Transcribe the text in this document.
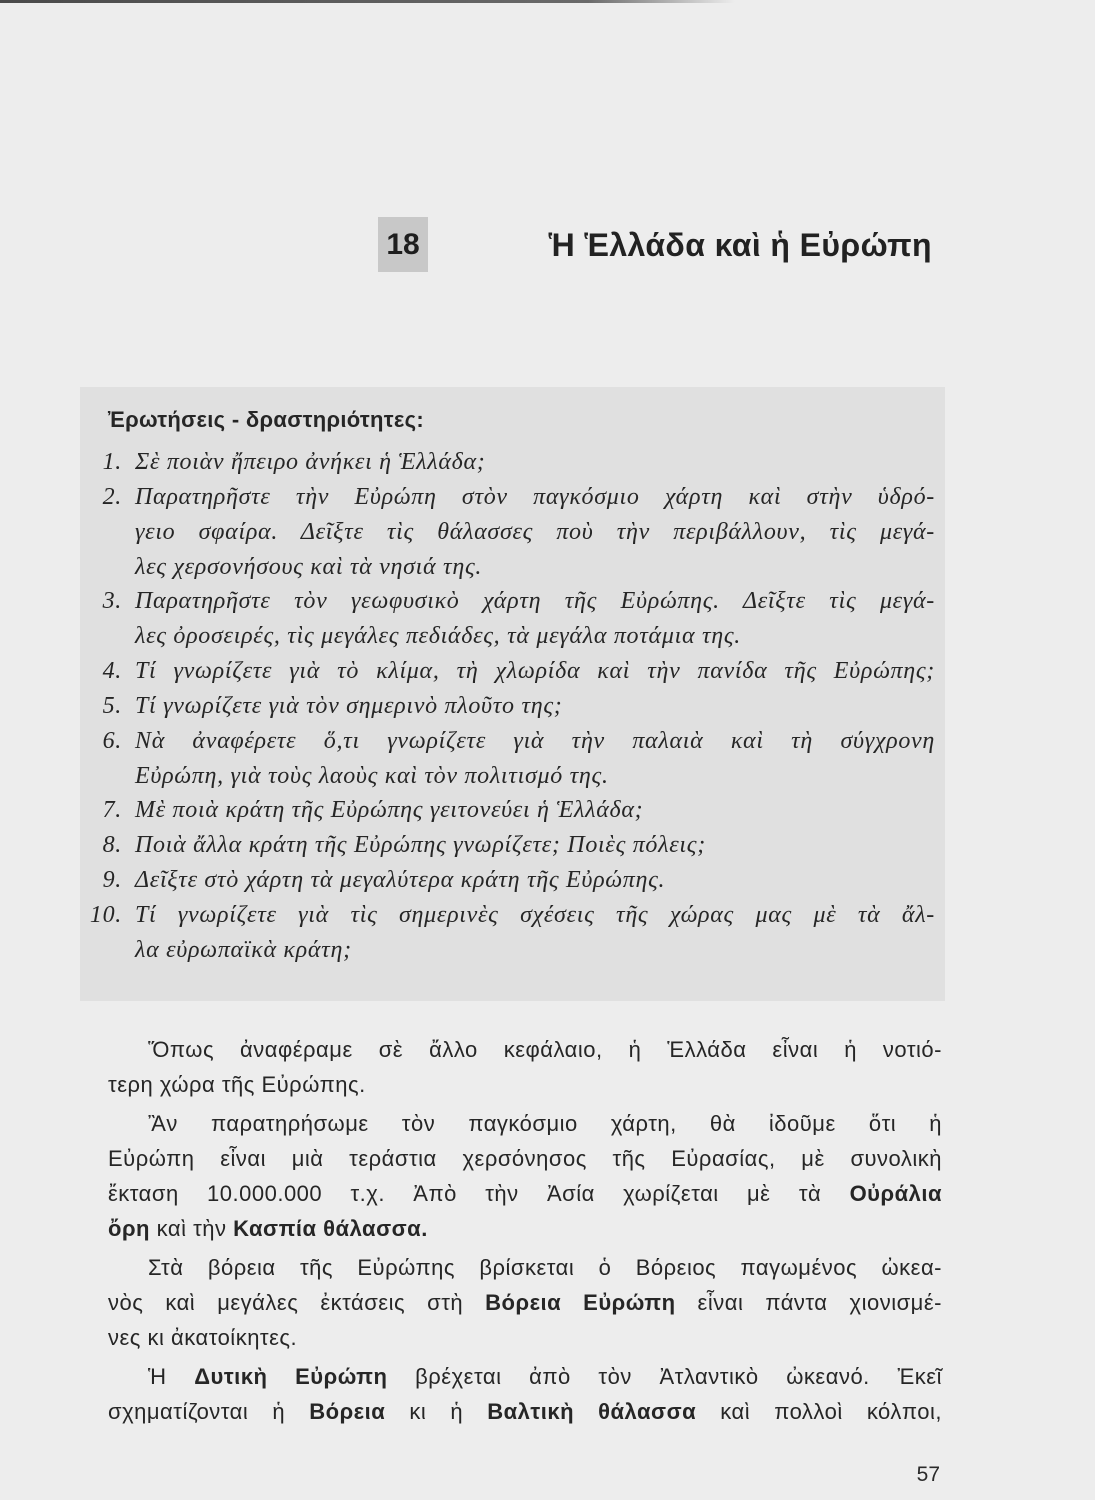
18	Ἡ Ἑλλάδα καὶ ἡ Εὐρώπη
Ἐρωτήσεις - δραστηριότητες:
1. Σὲ ποιὰν ἤπειρο ἀνήκει ἡ Ἑλλάδα;
2. Παρατηρῆστε τὴν Εὐρώπη στὸν παγκόσμιο χάρτη καὶ στὴν ὑδρό-
γειο σφαίρα. Δεῖξτε τὶς θάλασσες ποὺ τὴν περιβάλλουν, τὶς μεγά-
λες χερσονήσους καὶ τὰ νησιά της.
3. Παρατηρῆστε τὸν γεωφυσικὸ χάρτη τῆς Εὐρώπης. Δεῖξτε τὶς μεγά-
λες ὀροσειρές, τὶς μεγάλες πεδιάδες, τὰ μεγάλα ποτάμια της.
4. Τί γνωρίζετε γιὰ τὸ κλίμα, τὴ χλωρίδα καὶ τὴν πανίδα τῆς Εὐρώπης;
5. Τί γνωρίζετε γιὰ τὸν σημερινὸ πλοῦτο της;
6. Νὰ ἀναφέρετε ὅ,τι γνωρίζετε γιὰ τὴν παλαιὰ καὶ τὴ σύγχρονη
Εὐρώπη, γιὰ τοὺς λαοὺς καὶ τὸν πολιτισμό της.
7. Μὲ ποιὰ κράτη τῆς Εὐρώπης γειτονεύει ἡ Ἑλλάδα;
8. Ποιὰ ἄλλα κράτη τῆς Εὐρώπης γνωρίζετε; Ποιὲς πόλεις;
9. Δεῖξτε στὸ χάρτη τὰ μεγαλύτερα κράτη τῆς Εὐρώπης.
10. Τί γνωρίζετε γιὰ τὶς σημερινὲς σχέσεις τῆς χώρας μας μὲ τὰ ἄλ-
λα εὐρωπαϊκὰ κράτη;
Ὅπως ἀναφέραμε σὲ ἄλλο κεφάλαιο, ἡ Ἑλλάδα εἶναι ἡ νοτιό-
τερη χώρα τῆς Εὐρώπης.
Ἂν παρατηρήσωμε τὸν παγκόσμιο χάρτη, θὰ ἰδοῦμε ὅτι ἡ
Εὐρώπη εἶναι μιὰ τεράστια χερσόνησος τῆς Εὐρασίας, μὲ συνολικὴ
ἔκταση 10.000.000 τ.χ. Ἀπὸ τὴν Ἀσία χωρίζεται μὲ τὰ Οὐράλια
ὄρη καὶ τὴν Κασπία θάλασσα.
Στὰ βόρεια τῆς Εὐρώπης βρίσκεται ὁ Βόρειος παγωμένος ὠκεα-
νὸς καὶ μεγάλες ἐκτάσεις στὴ Βόρεια Εὐρώπη εἶναι πάντα χιονισμέ-
νες κι ἀκατοίκητες.
Ἡ Δυτικὴ Εὐρώπη βρέχεται ἀπὸ τὸν Ἀτλαντικὸ ὠκεανό. Ἐκεῖ
σχηματίζονται ἡ Βόρεια κι ἡ Βαλτικὴ θάλασσα καὶ πολλοὶ κόλποι,
57
